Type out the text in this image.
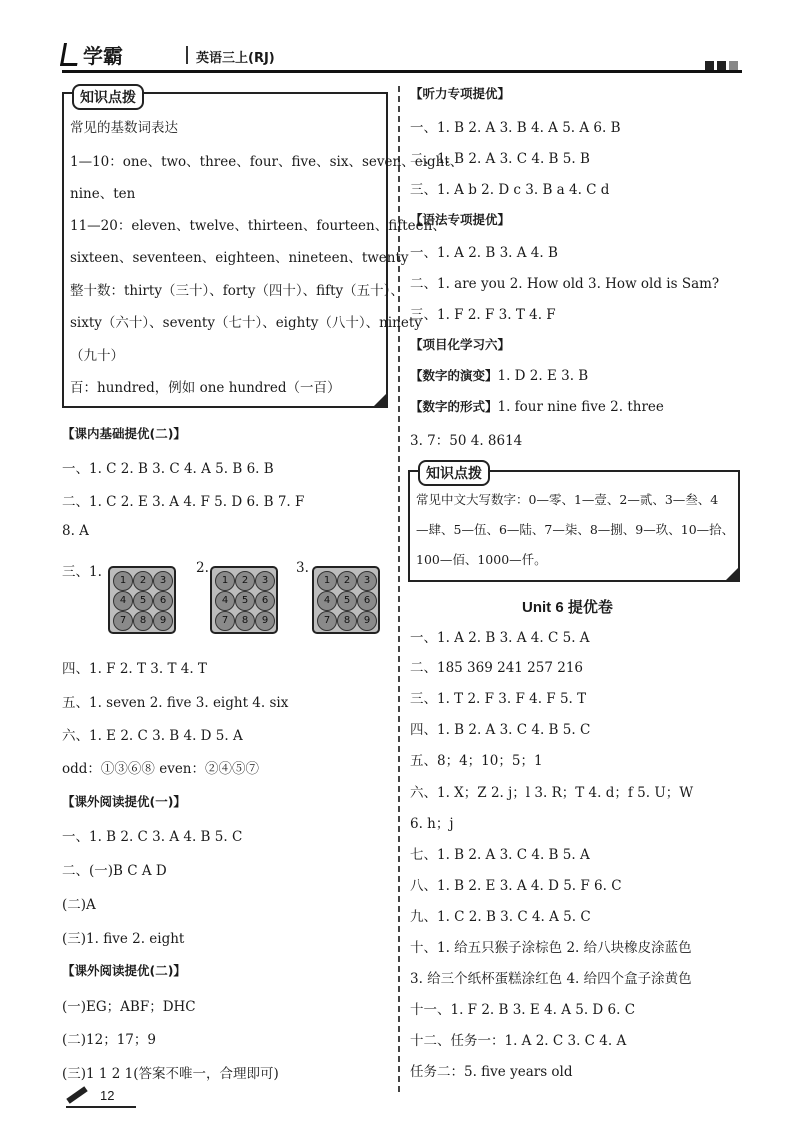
学霸	英语三上(RJ)
知识点拨
常见的基数词表达
1—10：one、two、three、four、five、six、seven、eight、
nine、ten
11—20：eleven、twelve、thirteen、fourteen、fifteen、
sixteen、seventeen、eighteen、nineteen、twenty
整十数：thirty（三十）、forty（四十）、fifty（五十）、
sixty（六十）、seventy（七十）、eighty（八十）、ninety
（九十）
百：hundred，例如 one hundred（一百）
【课内基础提优(二)】
一、1. C 2. B 3. C 4. A 5. B 6. B
二、1. C 2. E 3. A 4. F 5. D 6. B 7. F
8. A
三、1.	2.	3.
1	2	3
4	5	6
7	8	9
1	2	3
4	5	6
7	8	9
1	2	3
4	5	6
7	8	9
四、1. F 2. T 3. T 4. T
五、1. seven 2. five 3. eight 4. six
六、1. E 2. C 3. B 4. D 5. A
odd：①③⑥⑧ even：②④⑤⑦
【课外阅读提优(一)】
一、1. B 2. C 3. A 4. B 5. C
二、(一)B C A D
(二)A
(三)1. five 2. eight
【课外阅读提优(二)】
(一)EG；ABF；DHC
(二)12；17；9
(三)1 1 2 1(答案不唯一，合理即可)
【听力专项提优】
一、1. B 2. A 3. B 4. A 5. A 6. B
二、1. B 2. A 3. C 4. B 5. B
三、1. A b 2. D c 3. B a 4. C d
【语法专项提优】
一、1. A 2. B 3. A 4. B
二、1. are you 2. How old 3. How old is Sam?
三、1. F 2. F 3. T 4. F
【项目化学习六】
【数字的演变】1. D 2. E 3. B
【数字的形式】1. four nine five 2. three
3. 7：50 4. 8614
知识点拨
常见中文大写数字：0—零、1—壹、2—贰、3—叁、4
—肆、5—伍、6—陆、7—柒、8—捌、9—玖、10—拾、
100—佰、1000—仟。
Unit 6 提优卷
一、1. A 2. B 3. A 4. C 5. A
二、185 369 241 257 216
三、1. T 2. F 3. F 4. F 5. T
四、1. B 2. A 3. C 4. B 5. C
五、8；4；10；5；1
六、1. X；Z 2. j；l 3. R；T 4. d；f 5. U；W
6. h；j
七、1. B 2. A 3. C 4. B 5. A
八、1. B 2. E 3. A 4. D 5. F 6. C
九、1. C 2. B 3. C 4. A 5. C
十、1. 给五只猴子涂棕色 2. 给八块橡皮涂蓝色
3. 给三个纸杯蛋糕涂红色 4. 给四个盒子涂黄色
十一、1. F 2. B 3. E 4. A 5. D 6. C
十二、任务一：1. A 2. C 3. C 4. A
任务二：5. five years old
12
